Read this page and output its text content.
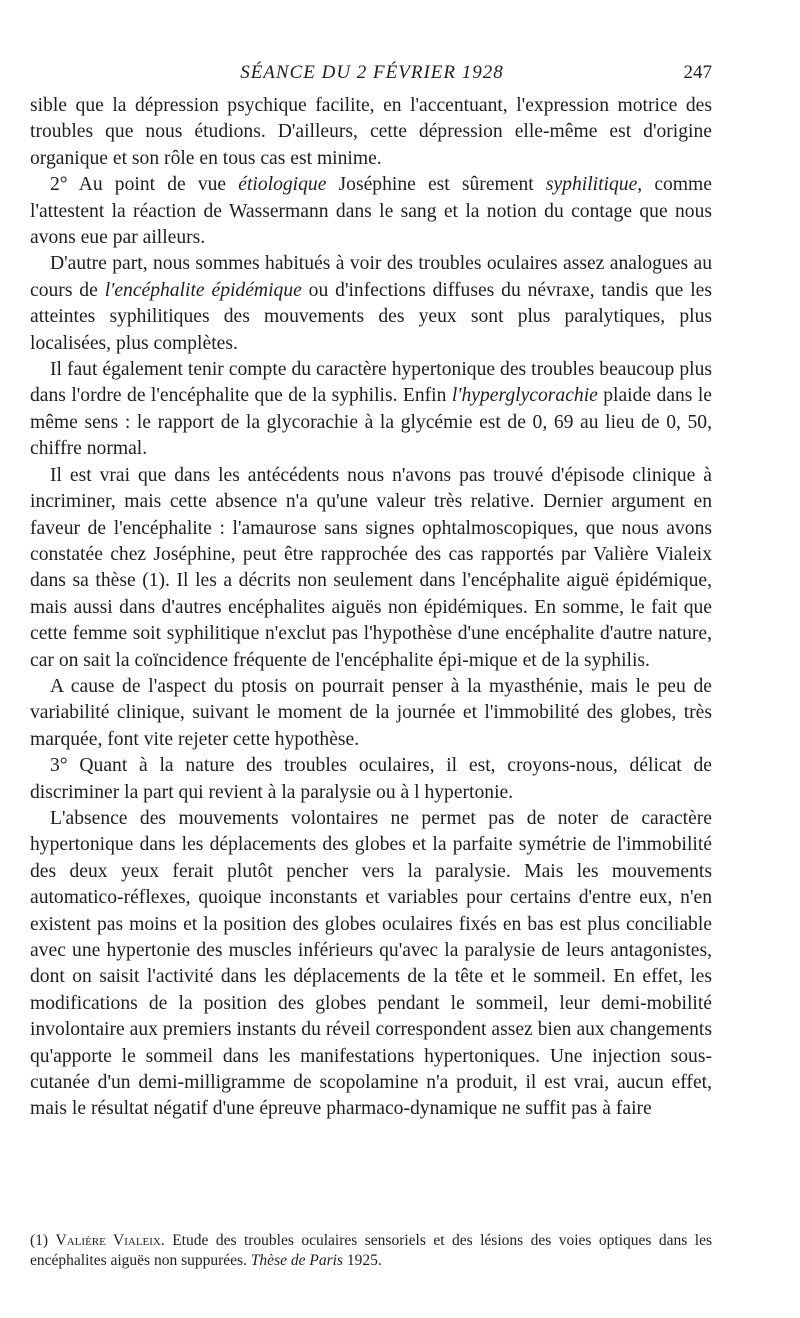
SÉANCE DU 2 FÉVRIER 1928	247

sible que la dépression psychique facilite, en l'accentuant, l'expression motrice des troubles que nous étudions. D'ailleurs, cette dépression elle-même est d'origine organique et son rôle en tous cas est minime.

2° Au point de vue étiologique Joséphine est sûrement syphilitique, comme l'attestent la réaction de Wassermann dans le sang et la notion du contage que nous avons eue par ailleurs.

D'autre part, nous sommes habitués à voir des troubles oculaires assez analogues au cours de l'encéphalite épidémique ou d'infections diffuses du névraxe, tandis que les atteintes syphilitiques des mouvements des yeux sont plus paralytiques, plus localisées, plus complètes.

Il faut également tenir compte du caractère hypertonique des troubles beaucoup plus dans l'ordre de l'encéphalite que de la syphilis. Enfin l'hyperglycorachie plaide dans le même sens : le rapport de la glycorachie à la glycémie est de 0, 69 au lieu de 0, 50, chiffre normal.

Il est vrai que dans les antécédents nous n'avons pas trouvé d'épisode clinique à incriminer, mais cette absence n'a qu'une valeur très relative. Dernier argument en faveur de l'encéphalite : l'amaurose sans signes ophtalmoscopiques, que nous avons constatée chez Joséphine, peut être rapprochée des cas rapportés par Valière Vialeix dans sa thèse (1). Il les a décrits non seulement dans l'encéphalite aiguë épidémique, mais aussi dans d'autres encéphalites aiguës non épidémiques. En somme, le fait que cette femme soit syphilitique n'exclut pas l'hypothèse d'une encéphalite d'autre nature, car on sait la coïncidence fréquente de l'encéphalite épi-mique et de la syphilis.

A cause de l'aspect du ptosis on pourrait penser à la myasthénie, mais le peu de variabilité clinique, suivant le moment de la journée et l'immobilité des globes, très marquée, font vite rejeter cette hypothèse.

3° Quant à la nature des troubles oculaires, il est, croyons-nous, délicat de discriminer la part qui revient à la paralysie ou à l hypertonie.

L'absence des mouvements volontaires ne permet pas de noter de caractère hypertonique dans les déplacements des globes et la parfaite symétrie de l'immobilité des deux yeux ferait plutôt pencher vers la paralysie. Mais les mouvements automatico-réflexes, quoique inconstants et variables pour certains d'entre eux, n'en existent pas moins et la position des globes oculaires fixés en bas est plus conciliable avec une hypertonie des muscles inférieurs qu'avec la paralysie de leurs antagonistes, dont on saisit l'activité dans les déplacements de la tête et le sommeil. En effet, les modifications de la position des globes pendant le sommeil, leur demi-mobilité involontaire aux premiers instants du réveil correspondent assez bien aux changements qu'apporte le sommeil dans les manifestations hypertoniques. Une injection sous-cutanée d'un demi-milligramme de scopolamine n'a produit, il est vrai, aucun effet, mais le résultat négatif d'une épreuve pharmaco-dynamique ne suffit pas à faire

(1) Valière Vialeix. Etude des troubles oculaires sensoriels et des lésions des voies optiques dans les encéphalites aiguës non suppurées. Thèse de Paris 1925.
